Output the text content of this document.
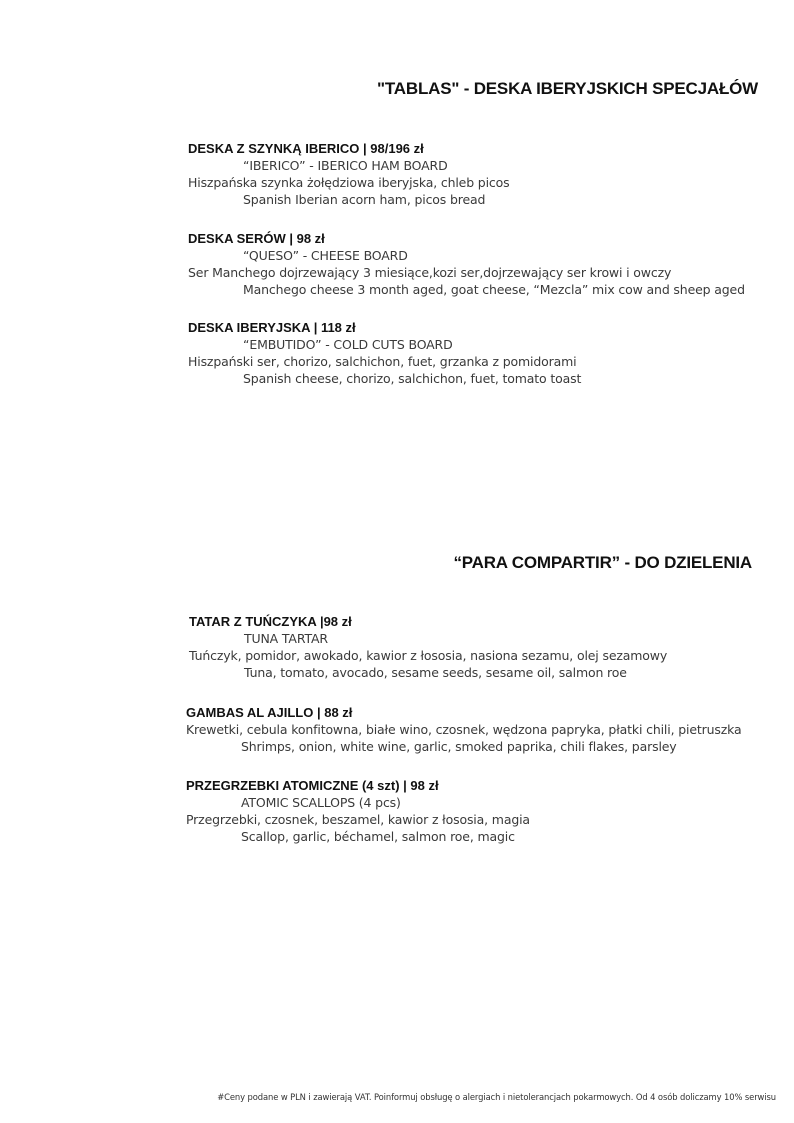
"TABLAS" - DESKA IBERYJSKICH SPECJAŁÓW
DESKA Z SZYNKĄ IBERICO | 98/196 zł
“IBERICO” - IBERICO HAM BOARD
Hiszpańska szynka żołędziowa iberyjska, chleb picos
Spanish Iberian acorn ham, picos bread
DESKA SERÓW | 98 zł
“QUESO” - CHEESE BOARD
Ser Manchego dojrzewający 3 miesiące,kozi ser,dojrzewający ser krowi i owczy
Manchego cheese 3 month aged, goat cheese, “Mezcla” mix cow and sheep aged
DESKA IBERYJSKA | 118 zł
“EMBUTIDO” - COLD CUTS BOARD
Hiszpański ser, chorizo, salchichon, fuet, grzanka z pomidorami
Spanish cheese, chorizo, salchichon, fuet, tomato toast
“PARA COMPARTIR” - DO DZIELENIA
TATAR Z TUŃCZYKA |98 zł
TUNA TARTAR
Tuńczyk, pomidor, awokado, kawior z łososia, nasiona sezamu, olej sezamowy
Tuna, tomato, avocado, sesame seeds, sesame oil, salmon roe
GAMBAS AL AJILLO | 88 zł
Krewetki, cebula konfitowna, białe wino, czosnek, wędzona papryka, płatki chili, pietruszka
Shrimps, onion, white wine, garlic, smoked paprika, chili flakes, parsley
PRZEGRZEBKI ATOMICZNE (4 szt) | 98 zł
ATOMIC SCALLOPS (4 pcs)
Przegrzebki, czosnek, beszamel, kawior z łososia, magia
Scallop, garlic, béchamel, salmon roe, magic
#Ceny podane w PLN i zawierają VAT. Poinformuj obsługę o alergiach i nietolerancjach pokarmowych. Od 4 osób doliczamy 10% serwisu
